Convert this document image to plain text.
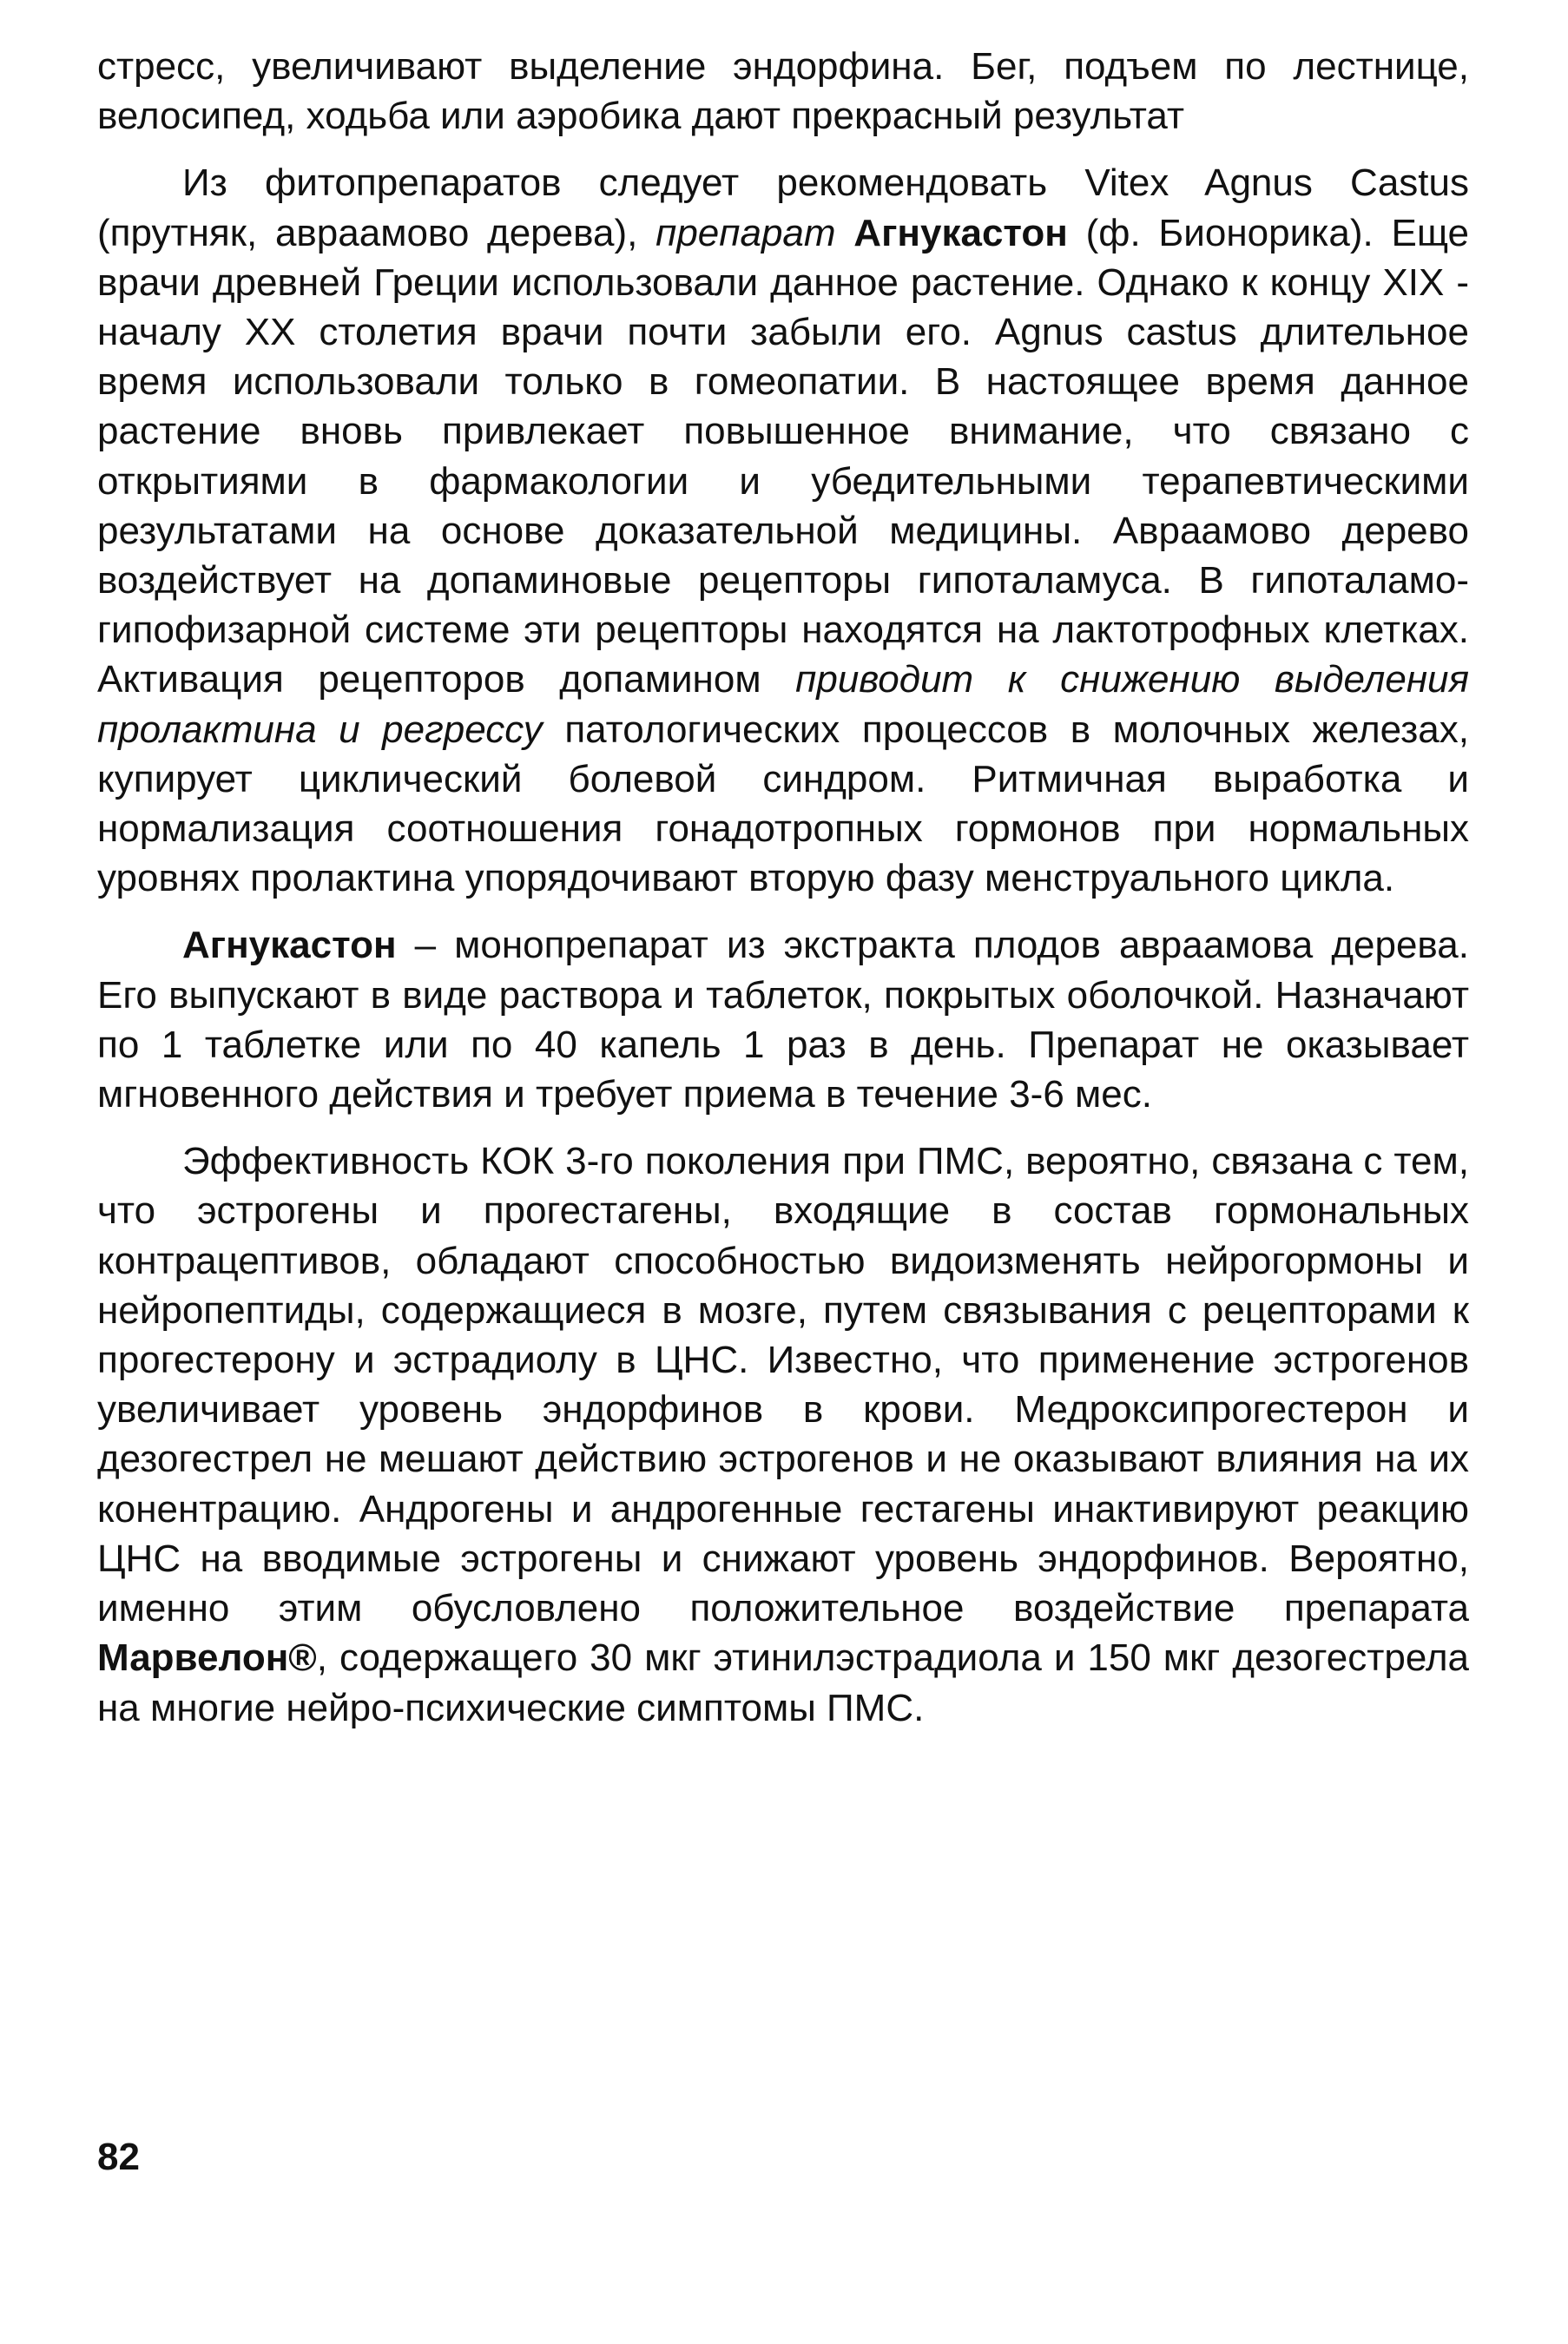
стресс, увеличивают выделение эндорфина. Бег, подъем по лестнице, велосипед, ходьба или аэробика дают прекрасный результат

Из фитопрепаратов следует рекомендовать Vitex Agnus Castus (прутняк, авраамово дерева), препарат Агнукастон (ф. Бионорика). Еще врачи древней Греции использовали данное растение. Однако к концу XIX - началу XX столетия врачи почти забыли его. Agnus castus длительное время использовали только в гомеопатии. В настоящее время данное растение вновь привлекает повышенное внимание, что связано с открытиями в фармакологии и убедительными терапевтическими результатами на основе доказательной медицины. Авраамово дерево воздействует на допаминовые рецепторы гипоталамуса. В гипоталамо-гипофизарной системе эти рецепторы находятся на лактотрофных клетках. Активация рецепторов допамином приводит к снижению выделения пролактина и регрессу патологических процессов в молочных железах, купирует циклический болевой синдром. Ритмичная выработка и нормализация соотношения гонадотропных гормонов при нормальных уровнях пролактина упорядочивают вторую фазу менструального цикла.

Агнукастон – монопрепарат из экстракта плодов авраамова дерева. Его выпускают в виде раствора и таблеток, покрытых оболочкой. Назначают по 1 таблетке или по 40 капель 1 раз в день. Препарат не оказывает мгновенного действия и требует приема в течение 3-6 мес.

Эффективность КОК 3-го поколения при ПМС, вероятно, связана с тем, что эстрогены и прогестагены, входящие в состав гормональных контрацептивов, обладают способностью видоизменять нейрогормоны и нейропептиды, содержащиеся в мозге, путем связывания с рецепторами к прогестерону и эстрадиолу в ЦНС. Известно, что применение эстрогенов увеличивает уровень эндорфинов в крови. Медроксипрогестерон и дезогестрел не мешают действию эстрогенов и не оказывают влияния на их конентрацию. Андрогены и андрогенные гестагены инактивируют реакцию ЦНС на вводимые эстрогены и снижают уровень эндорфинов. Вероятно, именно этим обусловлено положительное воздействие препарата Марвелон®, содержащего 30 мкг этинилэстрадиола и 150 мкг дезогестрела на многие нейро-психические симптомы ПМС.

82
